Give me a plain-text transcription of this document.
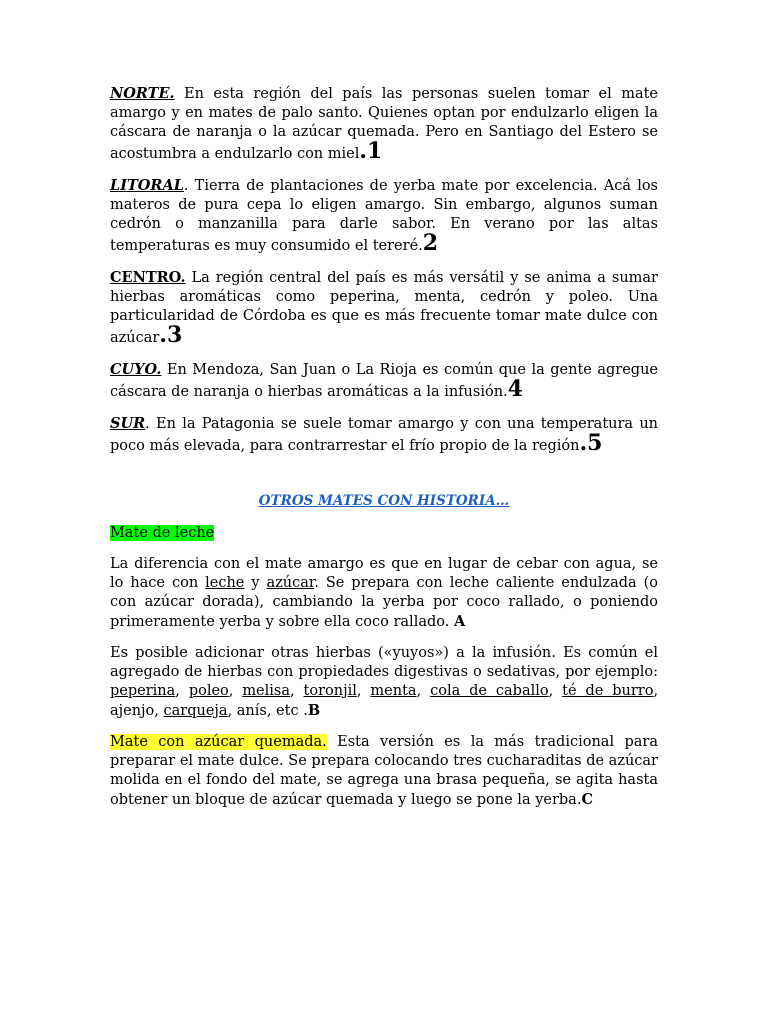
NORTE. En esta región del país las personas suelen tomar el mate amargo y en mates de palo santo. Quienes optan por endulzarlo eligen la cáscara de naranja o la azúcar quemada. Pero en Santiago del Estero se acostumbra a endulzarlo con miel.1

LITORAL. Tierra de plantaciones de yerba mate por excelencia. Acá los materos de pura cepa lo eligen amargo. Sin embargo, algunos suman cedrón o manzanilla para darle sabor. En verano por las altas temperaturas es muy consumido el tereré.2

CENTRO. La región central del país es más versátil y se anima a sumar hierbas aromáticas como peperina, menta, cedrón y poleo. Una particularidad de Córdoba es que es más frecuente tomar mate dulce con azúcar.3

CUYO. En Mendoza, San Juan o La Rioja es común que la gente agregue cáscara de naranja o hierbas aromáticas a la infusión.4

SUR. En la Patagonia se suele tomar amargo y con una temperatura un poco más elevada, para contrarrestar el frío propio de la región.5

OTROS MATES CON HISTORIA…

Mate de leche

La diferencia con el mate amargo es que en lugar de cebar con agua, se lo hace con leche y azúcar. Se prepara con leche caliente endulzada (o con azúcar dorada), cambiando la yerba por coco rallado, o poniendo primeramente yerba y sobre ella coco rallado. A

Es posible adicionar otras hierbas («yuyos») a la infusión. Es común el agregado de hierbas con propiedades digestivas o sedativas, por ejemplo: peperina, poleo, melisa, toronjil, menta, cola de caballo, té de burro, ajenjo, carqueja, anís, etc .B

Mate con azúcar quemada. Esta versión es la más tradicional para preparar el mate dulce. Se prepara colocando tres cucharaditas de azúcar molida en el fondo del mate, se agrega una brasa pequeña, se agita hasta obtener un bloque de azúcar quemada y luego se pone la yerba.C
